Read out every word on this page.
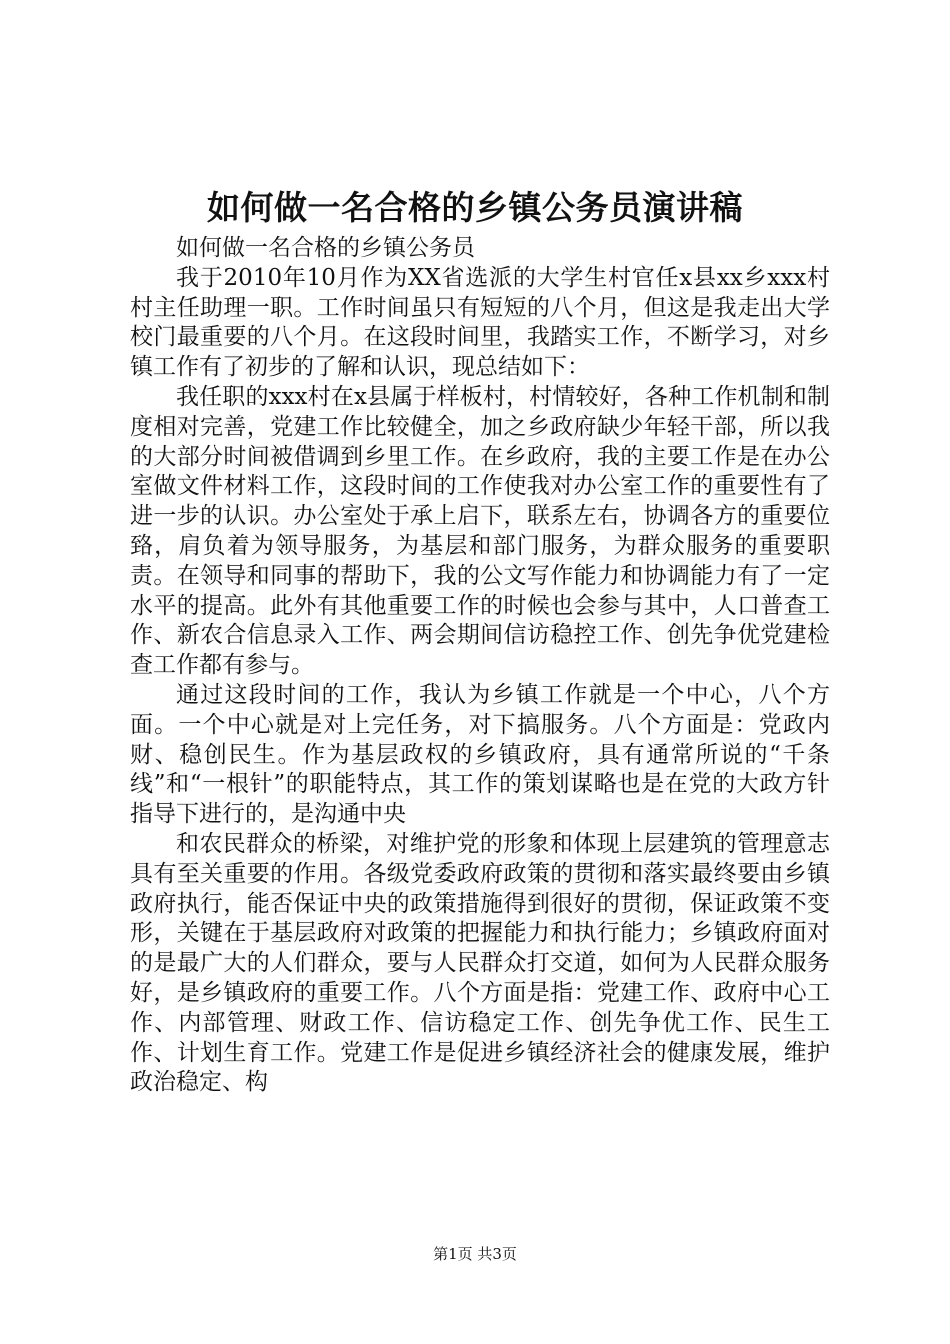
如何做一名合格的乡镇公务员演讲稿

如何做一名合格的乡镇公务员

我于2010年10月作为XX省选派的大学生村官任x县xx乡xxx村村主任助理一职。工作时间虽只有短短的八个月，但这是我走出大学校门最重要的八个月。在这段时间里，我踏实工作，不断学习，对乡镇工作有了初步的了解和认识，现总结如下：

我任职的xxx村在x县属于样板村，村情较好，各种工作机制和制度相对完善，党建工作比较健全，加之乡政府缺少年轻干部，所以我的大部分时间被借调到乡里工作。在乡政府，我的主要工作是在办公室做文件材料工作，这段时间的工作使我对办公室工作的重要性有了进一步的认识。办公室处于承上启下，联系左右，协调各方的重要位臵，肩负着为领导服务，为基层和部门服务，为群众服务的重要职责。在领导和同事的帮助下，我的公文写作能力和协调能力有了一定水平的提高。此外有其他重要工作的时候也会参与其中，人口普查工作、新农合信息录入工作、两会期间信访稳控工作、创先争优党建检查工作都有参与。

通过这段时间的工作，我认为乡镇工作就是一个中心，八个方面。一个中心就是对上完任务，对下搞服务。八个方面是：党政内财、稳创民生。作为基层政权的乡镇政府，具有通常所说的“千条线”和“一根针”的职能特点，其工作的策划谋略也是在党的大政方针指导下进行的，是沟通中央

和农民群众的桥梁，对维护党的形象和体现上层建筑的管理意志具有至关重要的作用。各级党委政府政策的贯彻和落实最终要由乡镇政府执行，能否保证中央的政策措施得到很好的贯彻，保证政策不变形，关键在于基层政府对政策的把握能力和执行能力；乡镇政府面对的是最广大的人们群众，要与人民群众打交道，如何为人民群众服务好，是乡镇政府的重要工作。八个方面是指：党建工作、政府中心工作、内部管理、财政工作、信访稳定工作、创先争优工作、民生工作、计划生育工作。党建工作是促进乡镇经济社会的健康发展，维护政治稳定、构

第1页 共3页
